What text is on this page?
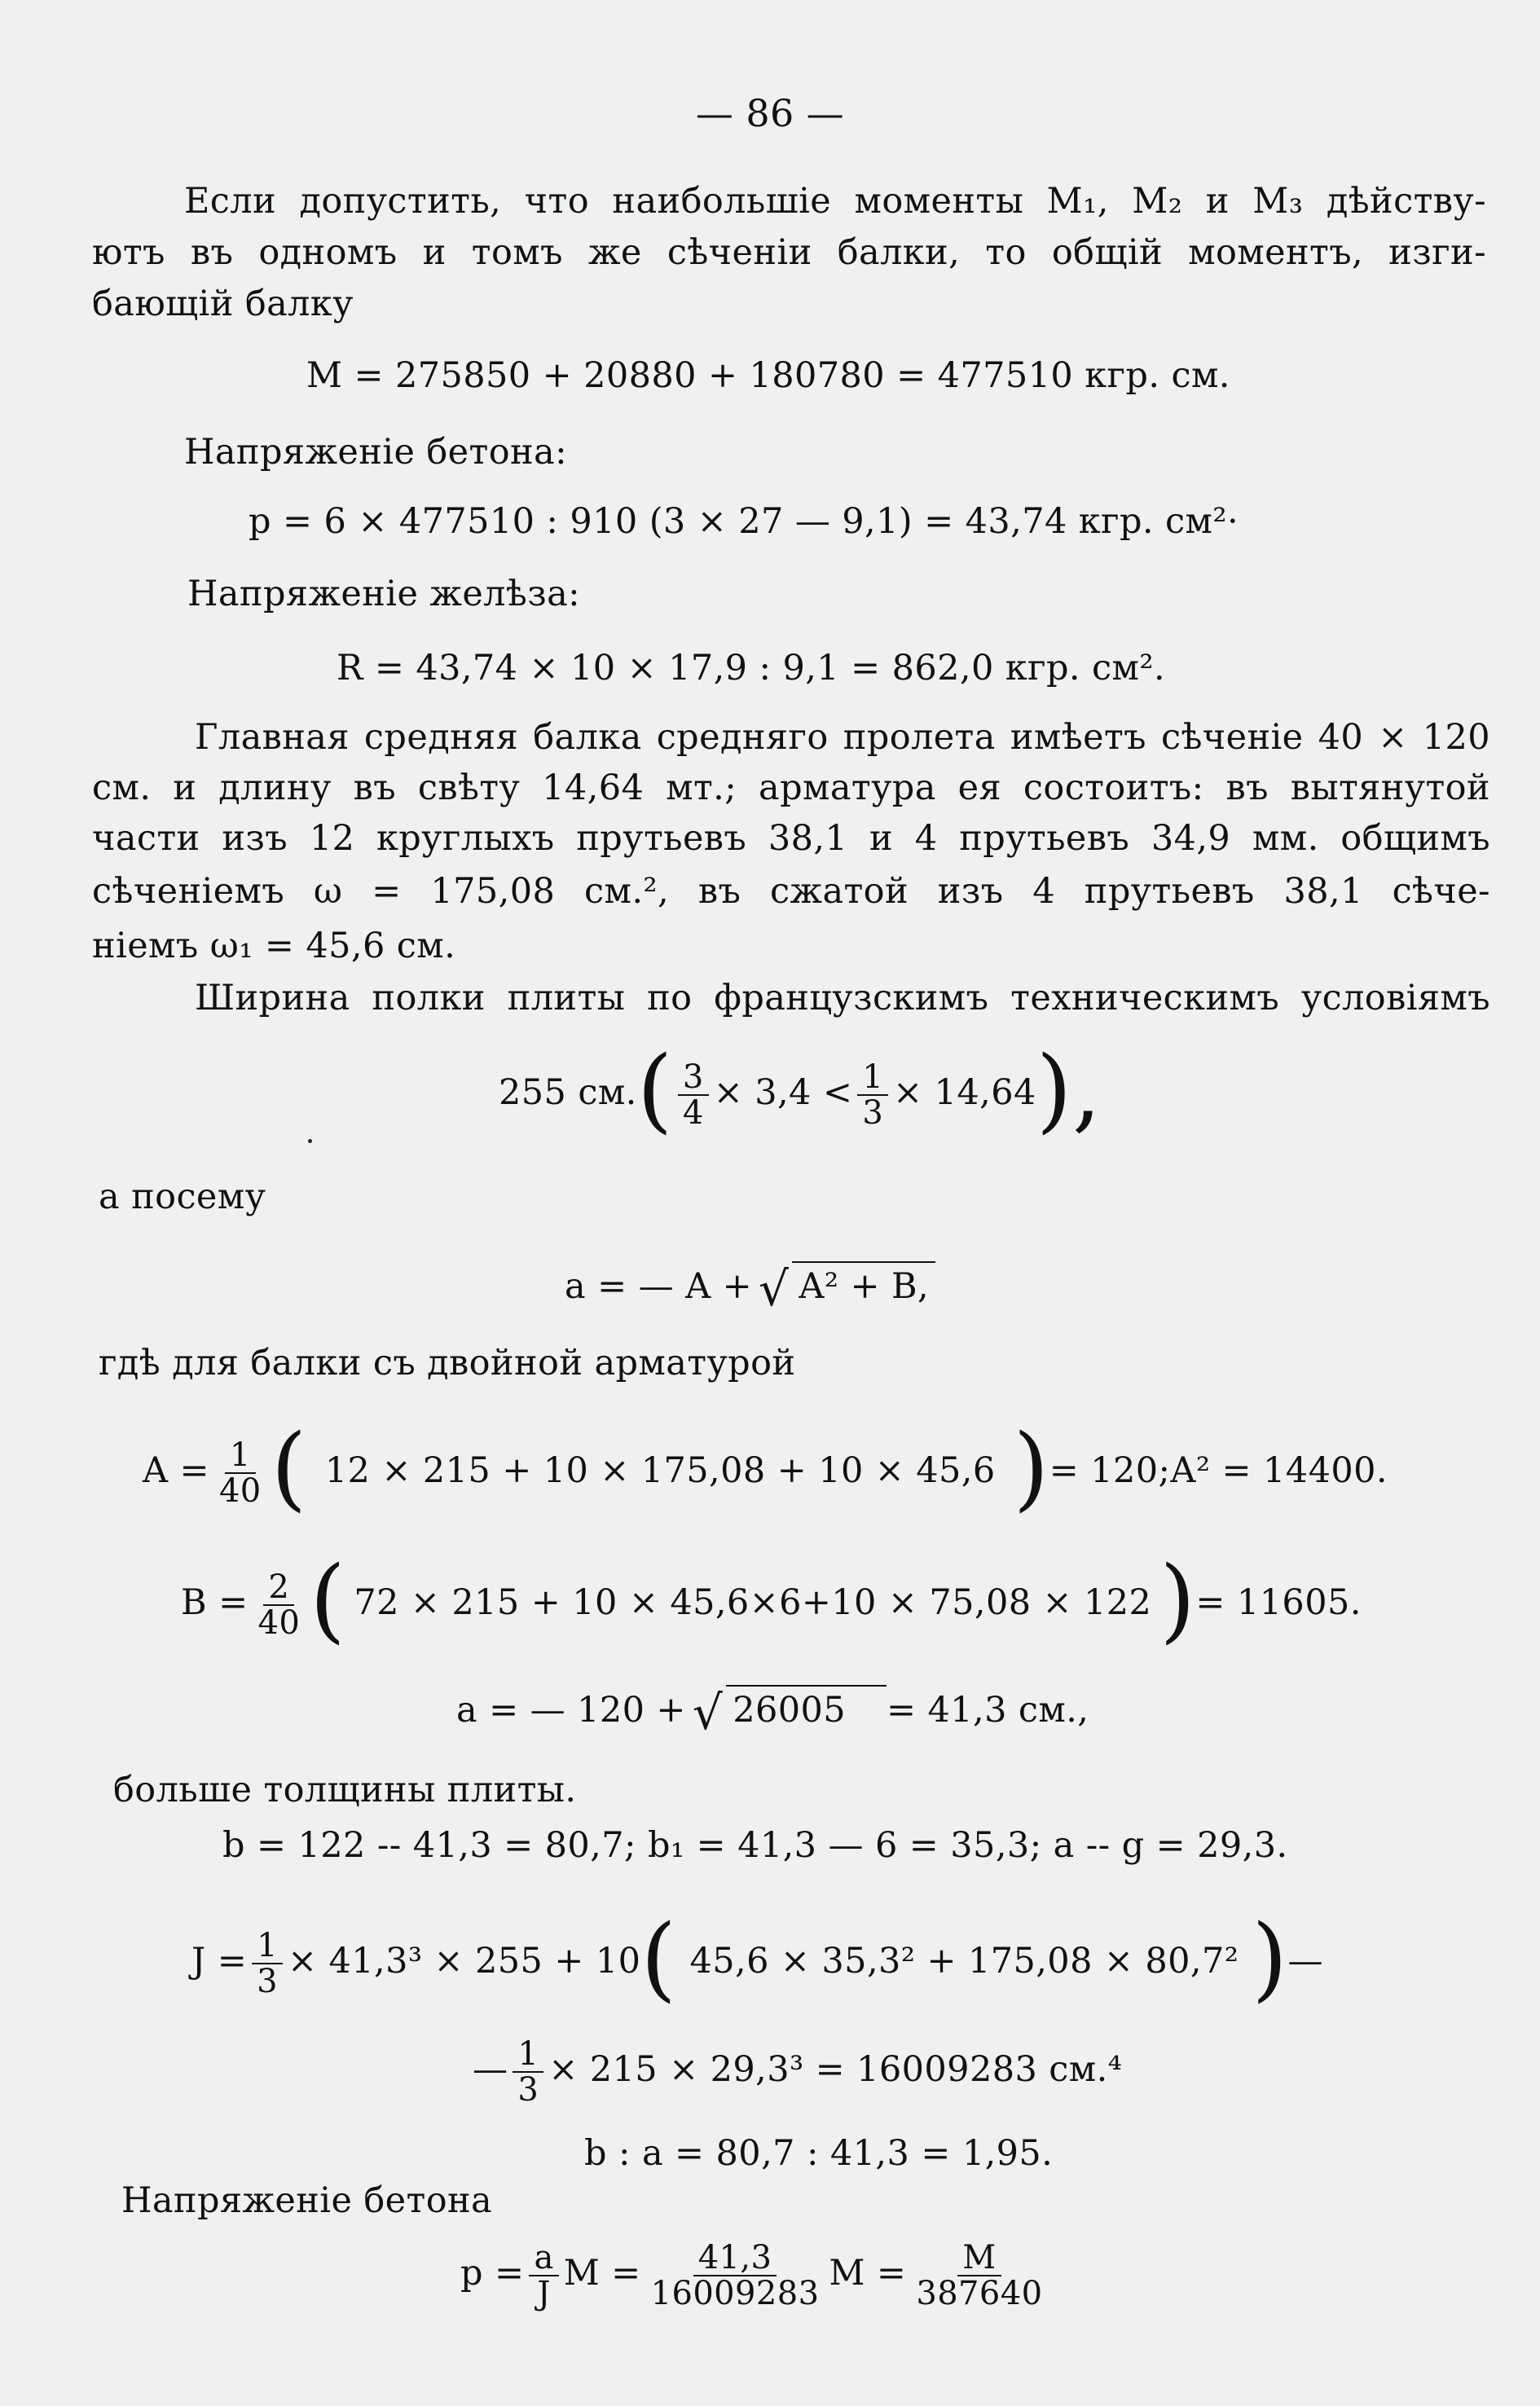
— 86 —
Если допустить, что наибольшіе моменты M₁, M₂ и M₃ дѣйству-
ютъ въ одномъ и томъ же сѣченіи балки, то общій моментъ, изги-
бающій балку
M = 275850 + 20880 + 180780 = 477510 кгр. см.
Напряженіе бетона:
p = 6 × 477510 : 910 (3 × 27 — 9,1) = 43,74 кгр. см²·
Напряженіе желѣза:
R = 43,74 × 10 × 17,9 : 9,1 = 862,0 кгр. см².
Главная средняя балка средняго пролета имѣетъ сѣченіе 40 × 120
см. и длину въ свѣту 14,64 мт.; арматура ея состоитъ: въ вытянутой
части изъ 12 круглыхъ прутьевъ 38,1 и 4 прутьевъ 34,9 мм. общимъ
сѣченіемъ ω = 175,08 см.², въ сжатой изъ 4 прутьевъ 38,1 сѣче-
ніемъ ω₁ = 45,6 см.
Ширина полки плиты по французскимъ техническимъ условіямъ
255 $см.( \frac{3}{4} \times 3,4 < \frac{1}{3} \times 14,64)$,
а посему
a = — A + √ A² + B,
гдѣ для балки съ двойной арматурой
$A = \frac{1}{40}$ ( 12 × 215 + 10 × 175,08 + 10 × 45,6 )= 120;A² = 14400.
$B = \frac{2}{40}$ ( 72 × 215 + 10 × 45,6×6+10 × 75,08 × 122)= 11605.
a = — 120 + √ 26005 = 41,3 см.,
больше толщины плиты.
b = 122 -- 41,3 = 80,7; b₁ = 41,3 — 6 = 35,3; a -- g = 29,3.
$J = \frac{1}{3} \times 41,3^3 \times 255 + 10$( 45,6 × 35,3² + 175,08 × 80,7² )—
— $\frac{1}{3} \times 215 \times 29,3^3 = 16009283$ см.⁴
b : a = 80,7 : 41,3 = 1,95.
Напряженіе бетона
$p = \frac{a}{J}$ $M = \frac{41,3}{16009283}$ $M = \frac{M}{387640}$
